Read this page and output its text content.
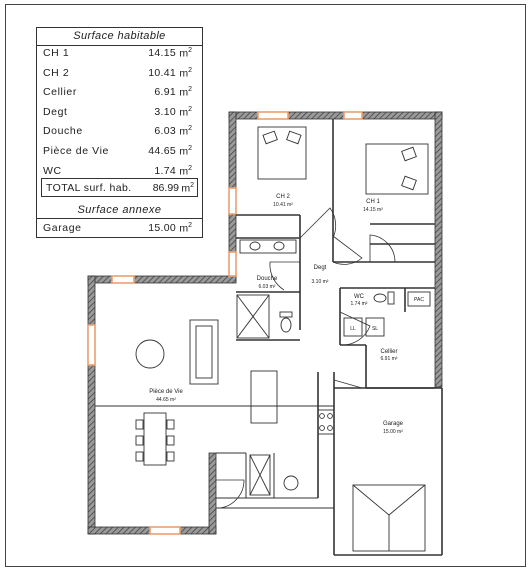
CH 2
10.41 m²	CH 1
14.15 m²
Douche
6.03 m²
Degt
3.10 m²
WC
1.74 m²
PAC
LL	SL
Cellier
6.91 m²
Pièce de Vie
44.65 m²
Garage
15.00 m²
Surface habitable
CH 1	14.15 $m^2$
CH 2	10.41 $m^2$
Cellier	6.91 $m^2$
Degt	3.10 $m^2$
Douche	6.03 $m^2$
Pièce de Vie	44.65 $m^2$
WC	1.74 $m^2$
TOTAL surf. hab. 86.99 $m^2$
Surface annexe
Garage	15.00 $m^2$
